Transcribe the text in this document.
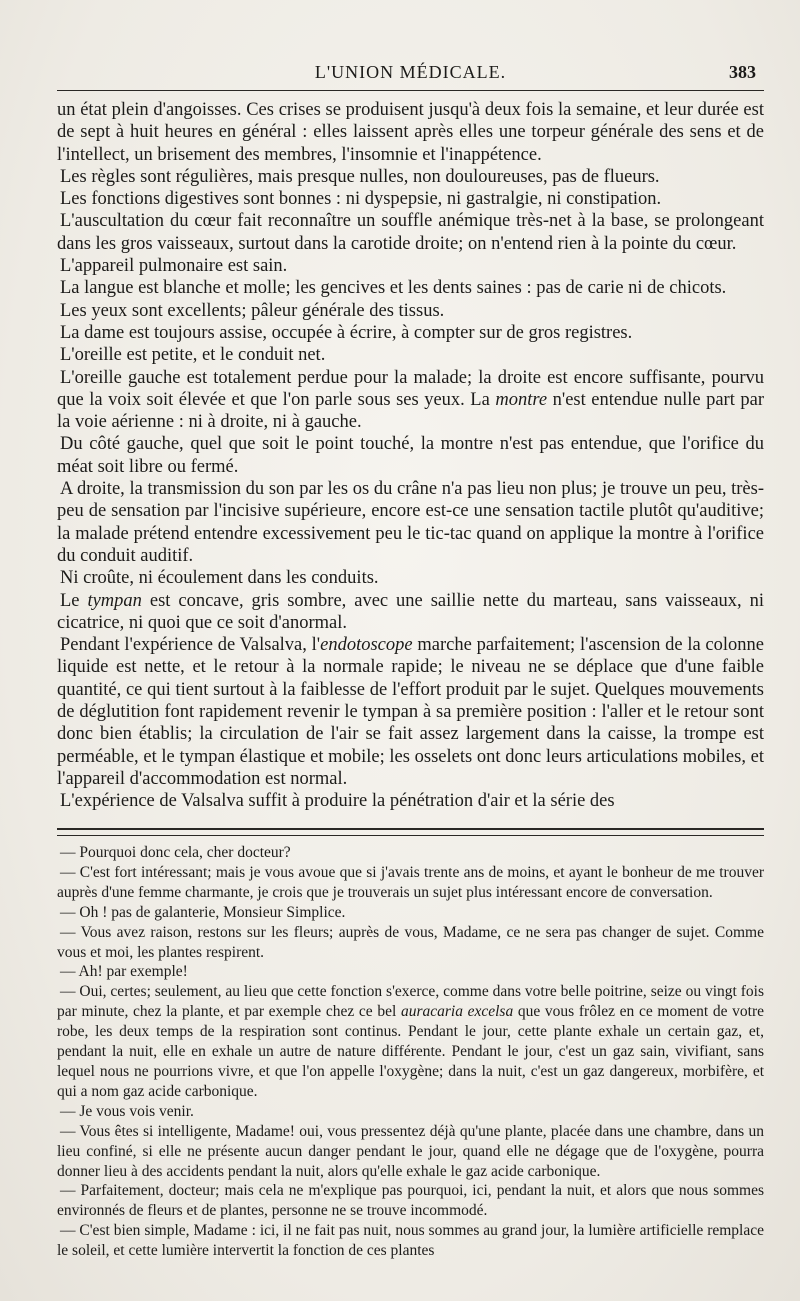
L'UNION MÉDICALE.	383

un état plein d'angoisses. Ces crises se produisent jusqu'à deux fois la semaine, et leur durée est de sept à huit heures en général : elles laissent après elles une torpeur générale des sens et de l'intellect, un brisement des membres, l'insomnie et l'inappétence.

Les règles sont régulières, mais presque nulles, non douloureuses, pas de flueurs.

Les fonctions digestives sont bonnes : ni dyspepsie, ni gastralgie, ni constipation.

L'auscultation du cœur fait reconnaître un souffle anémique très-net à la base, se prolongeant dans les gros vaisseaux, surtout dans la carotide droite; on n'entend rien à la pointe du cœur.

L'appareil pulmonaire est sain.

La langue est blanche et molle; les gencives et les dents saines : pas de carie ni de chicots.

Les yeux sont excellents; pâleur générale des tissus.

La dame est toujours assise, occupée à écrire, à compter sur de gros registres.

L'oreille est petite, et le conduit net.

L'oreille gauche est totalement perdue pour la malade; la droite est encore suffisante, pourvu que la voix soit élevée et que l'on parle sous ses yeux. La montre n'est entendue nulle part par la voie aérienne : ni à droite, ni à gauche.

Du côté gauche, quel que soit le point touché, la montre n'est pas entendue, que l'orifice du méat soit libre ou fermé.

A droite, la transmission du son par les os du crâne n'a pas lieu non plus; je trouve un peu, très-peu de sensation par l'incisive supérieure, encore est-ce une sensation tactile plutôt qu'auditive; la malade prétend entendre excessivement peu le tic-tac quand on applique la montre à l'orifice du conduit auditif.

Ni croûte, ni écoulement dans les conduits.

Le tympan est concave, gris sombre, avec une saillie nette du marteau, sans vaisseaux, ni cicatrice, ni quoi que ce soit d'anormal.

Pendant l'expérience de Valsalva, l'endotoscope marche parfaitement; l'ascension de la colonne liquide est nette, et le retour à la normale rapide; le niveau ne se déplace que d'une faible quantité, ce qui tient surtout à la faiblesse de l'effort produit par le sujet. Quelques mouvements de déglutition font rapidement revenir le tympan à sa première position : l'aller et le retour sont donc bien établis; la circulation de l'air se fait assez largement dans la caisse, la trompe est perméable, et le tympan élastique et mobile; les osselets ont donc leurs articulations mobiles, et l'appareil d'accommodation est normal.

L'expérience de Valsalva suffit à produire la pénétration d'air et la série des

— Pourquoi donc cela, cher docteur?

— C'est fort intéressant; mais je vous avoue que si j'avais trente ans de moins, et ayant le bonheur de me trouver auprès d'une femme charmante, je crois que je trouverais un sujet plus intéressant encore de conversation.

— Oh ! pas de galanterie, Monsieur Simplice.

— Vous avez raison, restons sur les fleurs; auprès de vous, Madame, ce ne sera pas changer de sujet. Comme vous et moi, les plantes respirent.

— Ah! par exemple!

— Oui, certes; seulement, au lieu que cette fonction s'exerce, comme dans votre belle poitrine, seize ou vingt fois par minute, chez la plante, et par exemple chez ce bel auracaria excelsa que vous frôlez en ce moment de votre robe, les deux temps de la respiration sont continus. Pendant le jour, cette plante exhale un certain gaz, et, pendant la nuit, elle en exhale un autre de nature différente. Pendant le jour, c'est un gaz sain, vivifiant, sans lequel nous ne pourrions vivre, et que l'on appelle l'oxygène; dans la nuit, c'est un gaz dangereux, morbifère, et qui a nom gaz acide carbonique.

— Je vous vois venir.

— Vous êtes si intelligente, Madame! oui, vous pressentez déjà qu'une plante, placée dans une chambre, dans un lieu confiné, si elle ne présente aucun danger pendant le jour, quand elle ne dégage que de l'oxygène, pourra donner lieu à des accidents pendant la nuit, alors qu'elle exhale le gaz acide carbonique.

— Parfaitement, docteur; mais cela ne m'explique pas pourquoi, ici, pendant la nuit, et alors que nous sommes environnés de fleurs et de plantes, personne ne se trouve incommodé.

— C'est bien simple, Madame : ici, il ne fait pas nuit, nous sommes au grand jour, la lumière artificielle remplace le soleil, et cette lumière intervertit la fonction de ces plantes
